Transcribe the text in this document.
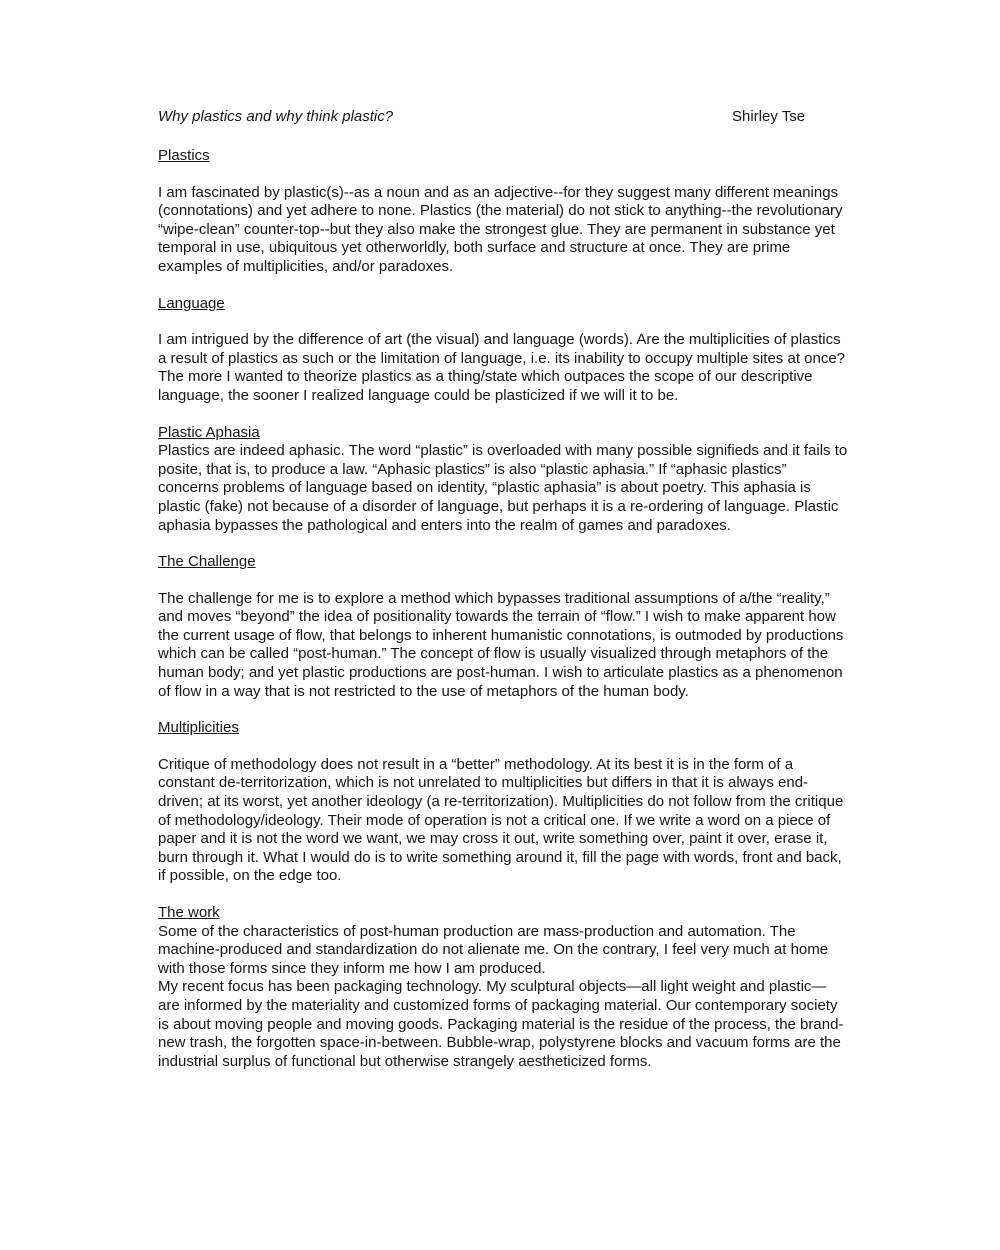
Why plastics and why think plastic?	Shirley Tse

Plastics

I am fascinated by plastic(s)--as a noun and as an adjective--for they suggest many different meanings (connotations) and yet adhere to none. Plastics (the material) do not stick to anything--the revolutionary “wipe-clean” counter-top--but they also make the strongest glue. They are permanent in substance yet temporal in use, ubiquitous yet otherworldly, both surface and structure at once. They are prime examples of multiplicities, and/or paradoxes.

Language

I am intrigued by the difference of art (the visual) and language (words). Are the multiplicities of plastics a result of plastics as such or the limitation of language, i.e. its inability to occupy multiple sites at once? The more I wanted to theorize plastics as a thing/state which outpaces the scope of our descriptive language, the sooner I realized language could be plasticized if we will it to be.

Plastic Aphasia

Plastics are indeed aphasic. The word “plastic” is overloaded with many possible signifieds and it fails to posite, that is, to produce a law. “Aphasic plastics” is also “plastic aphasia.” If “aphasic plastics” concerns problems of language based on identity, “plastic aphasia” is about poetry. This aphasia is plastic (fake) not because of a disorder of language, but perhaps it is a re-ordering of language. Plastic aphasia bypasses the pathological and enters into the realm of games and paradoxes.

The Challenge

The challenge for me is to explore a method which bypasses traditional assumptions of a/the “reality,” and moves “beyond” the idea of positionality towards the terrain of “flow.” I wish to make apparent how the current usage of flow, that belongs to inherent humanistic connotations, is outmoded by productions which can be called “post-human.” The concept of flow is usually visualized through metaphors of the human body; and yet plastic productions are post-human. I wish to articulate plastics as a phenomenon of flow in a way that is not restricted to the use of metaphors of the human body.

Multiplicities

Critique of methodology does not result in a “better” methodology. At its best it is in the form of a constant de-territorization, which is not unrelated to multiplicities but differs in that it is always end-driven; at its worst, yet another ideology (a re-territorization). Multiplicities do not follow from the critique of methodology/ideology. Their mode of operation is not a critical one. If we write a word on a piece of paper and it is not the word we want, we may cross it out, write something over, paint it over, erase it, burn through it. What I would do is to write something around it, fill the page with words, front and back, if possible, on the edge too.

The work

Some of the characteristics of post-human production are mass-production and automation. The machine-produced and standardization do not alienate me. On the contrary, I feel very much at home with those forms since they inform me how I am produced.

My recent focus has been packaging technology. My sculptural objects—all light weight and plastic—are informed by the materiality and customized forms of packaging material. Our contemporary society is about moving people and moving goods. Packaging material is the residue of the process, the brand-new trash, the forgotten space-in-between. Bubble-wrap, polystyrene blocks and vacuum forms are the industrial surplus of functional but otherwise strangely aestheticized forms.
